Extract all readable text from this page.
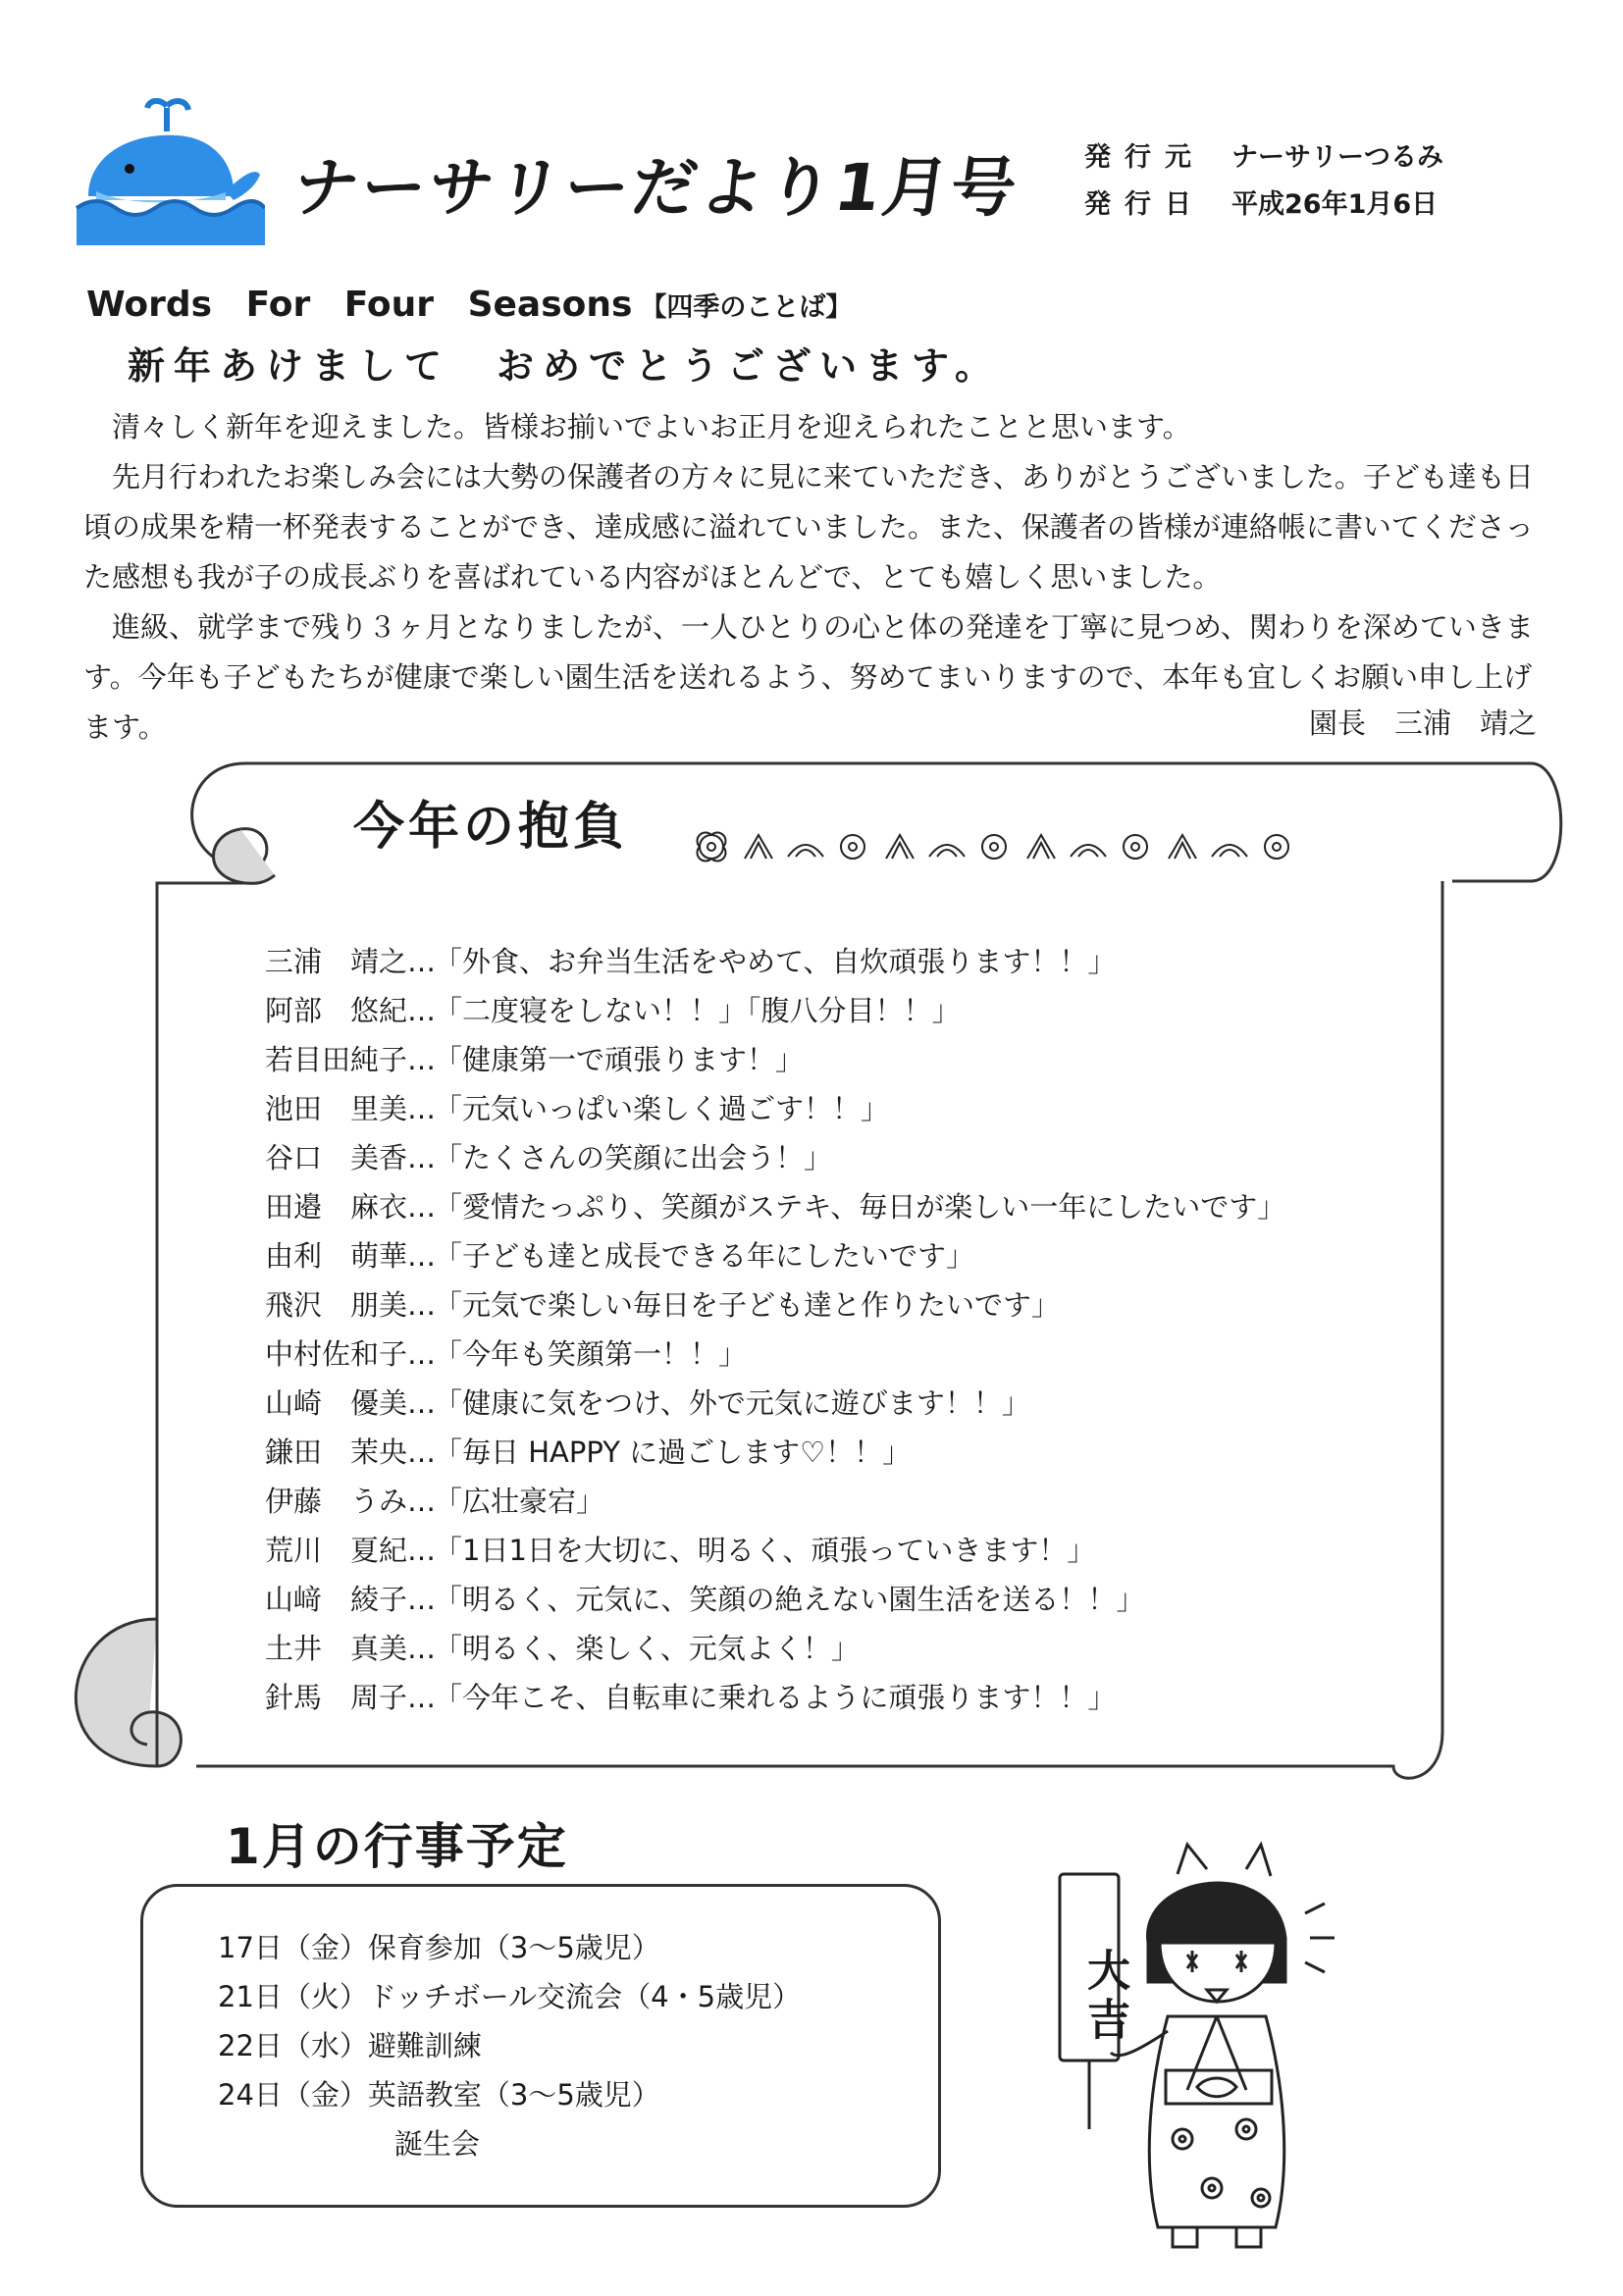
ナーサリーだより1月号 発行元 ナーサリーつるみ
発行日 平成26年1月6日
Words For Four Seasons 【四季のことば】
新年あけまして　おめでとうございます。

　清々しく新年を迎えました。皆様お揃いでよいお正月を迎えられたことと思います。

　先月行われたお楽しみ会には大勢の保護者の方々に見に来ていただき、ありがとうございました。子ども達も日頃の成果を精一杯発表することができ、達成感に溢れていました。また、保護者の皆様が連絡帳に書いてくださった感想も我が子の成長ぶりを喜ばれている内容がほとんどで、とても嬉しく思いました。

　進級、就学まで残り３ヶ月となりましたが、一人ひとりの心と体の発達を丁寧に見つめ、関わりを深めていきます。今年も子どもたちが健康で楽しい園生活を送れるよう、努めてまいりますので、本年も宜しくお願い申し上げます。	園長　三浦　靖之
今年の抱負
三浦　靖之…「外食、お弁当生活をやめて、自炊頑張ります！！」
阿部　悠紀…「二度寝をしない！！」「腹八分目！！」
若目田純子…「健康第一で頑張ります！」
池田　里美…「元気いっぱい楽しく過ごす！！」
谷口　美香…「たくさんの笑顔に出会う！」
田邉　麻衣…「愛情たっぷり、笑顔がステキ、毎日が楽しい一年にしたいです」
由利　萌華…「子ども達と成長できる年にしたいです」
飛沢　朋美…「元気で楽しい毎日を子ども達と作りたいです」
中村佐和子…「今年も笑顔第一！！」
山崎　優美…「健康に気をつけ、外で元気に遊びます！！」
鎌田　茉央…「毎日 HAPPY に過ごします♡！！」
伊藤　うみ…「広壮豪宕」
荒川　夏紀…「1日1日を大切に、明るく、頑張っていきます！」
山﨑　綾子…「明るく、元気に、笑顔の絶えない園生活を送る！！」
土井　真美…「明るく、楽しく、元気よく！」
針馬　周子…「今年こそ、自転車に乗れるように頑張ります！！」
1月の行事予定
17日（金）保育参加（3～5歳児）
21日（火）ドッチボール交流会（4・5歳児）
22日（水）避難訓練
24日（金）英語教室（3～5歳児）
誕生会
大吉
